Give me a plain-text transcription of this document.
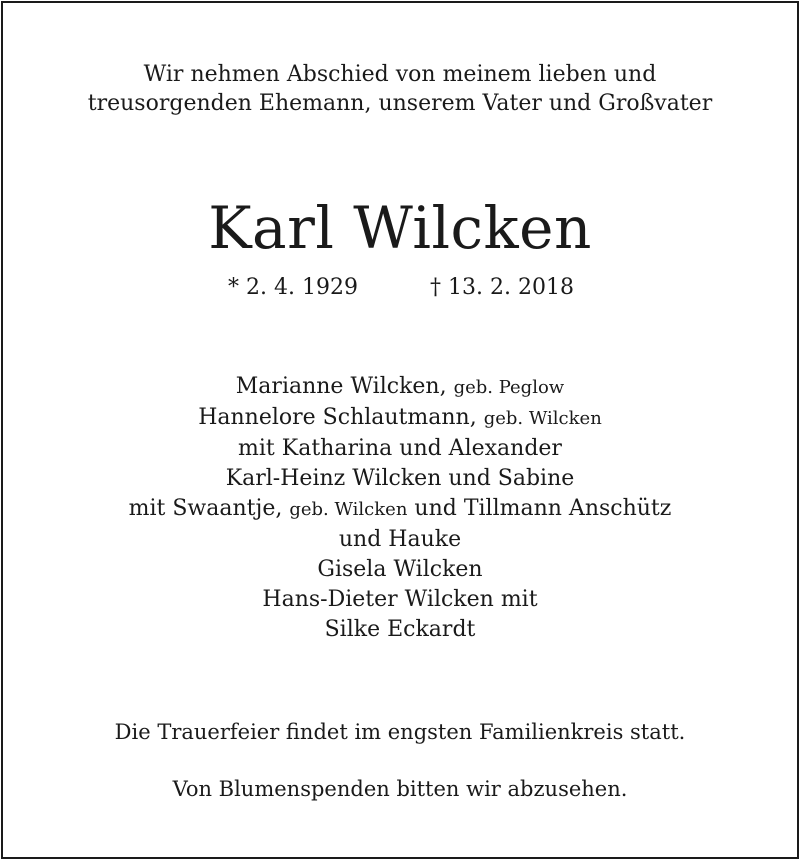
Wir nehmen Abschied von meinem lieben und
treusorgenden Ehemann, unserem Vater und Großvater
Karl Wilcken
* 2. 4. 1929	† 13. 2. 2018
Marianne Wilcken, geb. Peglow
Hannelore Schlautmann, geb. Wilcken
mit Katharina und Alexander
Karl-Heinz Wilcken und Sabine
mit Swaantje, geb. Wilcken und Tillmann Anschütz
und Hauke
Gisela Wilcken
Hans-Dieter Wilcken mit
Silke Eckardt
Die Trauerfeier findet im engsten Familienkreis statt.
Von Blumenspenden bitten wir abzusehen.
